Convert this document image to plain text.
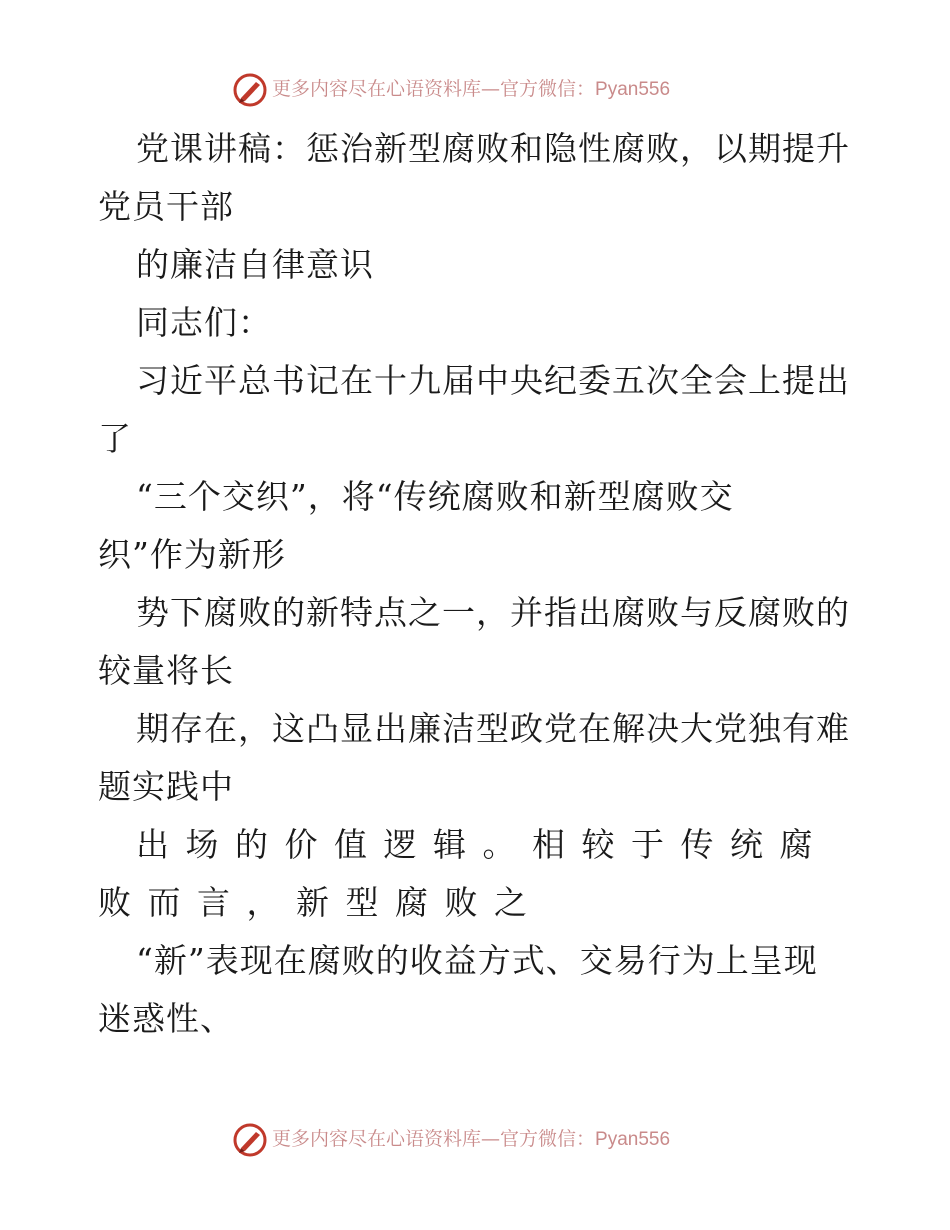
更多内容尽在心语资料库—官方微信：Pyan556
党课讲稿：惩治新型腐败和隐性腐败，以期提升
党员干部
的廉洁自律意识
同志们：
习近平总书记在十九届中央纪委五次全会上提出
了
“三个交织”，将“传统腐败和新型腐败交
织”作为新形
势下腐败的新特点之一，并指出腐败与反腐败的
较量将长
期存在，这凸显出廉洁型政党在解决大党独有难
题实践中
出场的价值逻辑。相较于传统腐
败而言，新型腐败之
“新”表现在腐败的收益方式、交易行为上呈现
迷惑性、
更多内容尽在心语资料库—官方微信：Pyan556
